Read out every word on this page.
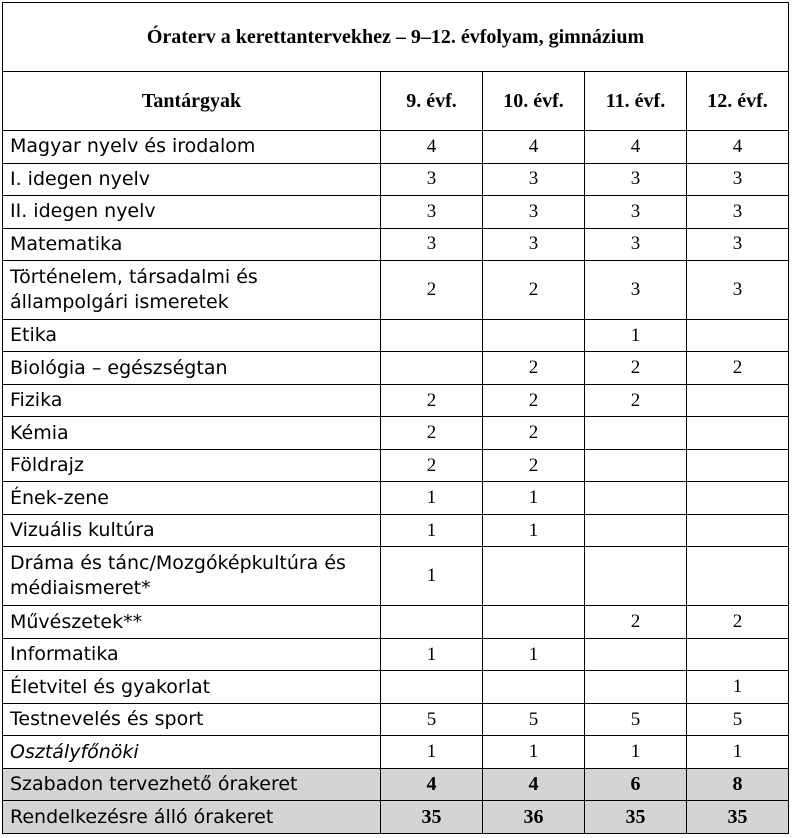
Óraterv a kerettantervekhez – 9–12. évfolyam, gimnázium				
Tantárgyak	9. évf.	10. évf.	11. évf.	12. évf.
Magyar nyelv és irodalom	4	4	4	4
I. idegen nyelv	3	3	3	3
II. idegen nyelv	3	3	3	3
Matematika	3	3	3	3
Történelem, társadalmi és állampolgári ismeretek	2	2	3	3
Etika			1	
Biológia – egészségtan		2	2	2
Fizika	2	2	2	
Kémia	2	2		
Földrajz	2	2		
Ének-zene	1	1		
Vizuális kultúra	1	1		
Dráma és tánc/Mozgóképkultúra és médiaismeret*	1			
Művészetek**			2	2
Informatika	1	1		
Életvitel és gyakorlat				1
Testnevelés és sport	5	5	5	5
Osztályfőnöki	1	1	1	1
Szabadon tervezhető órakeret	4	4	6	8
Rendelkezésre álló órakeret	35	36	35	35
